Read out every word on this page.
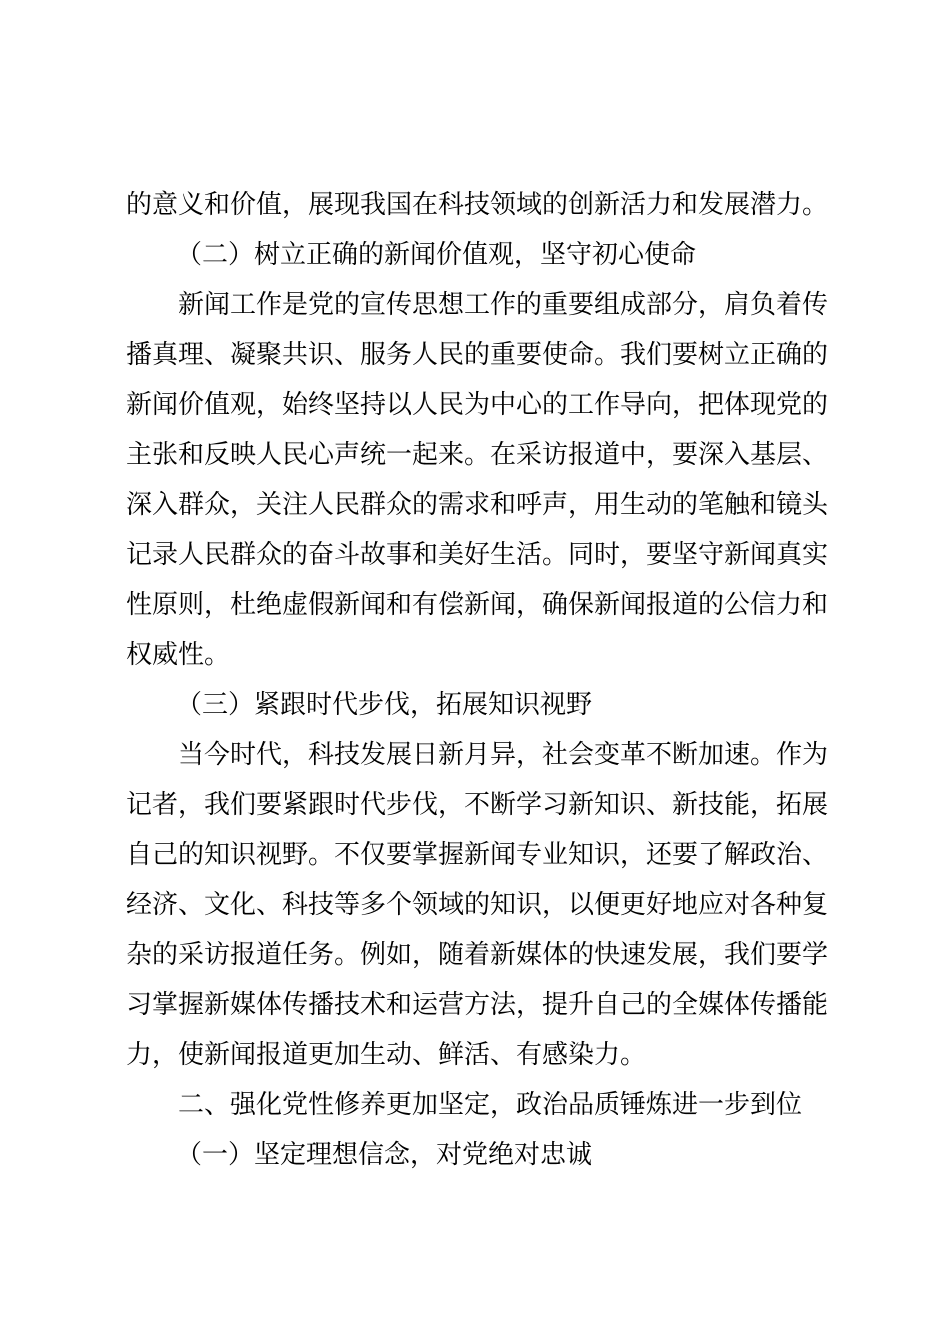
的意义和价值，展现我国在科技领域的创新活力和发展潜力。
（二）树立正确的新闻价值观，坚守初心使命
新闻工作是党的宣传思想工作的重要组成部分，肩负着传
播真理、凝聚共识、服务人民的重要使命。我们要树立正确的
新闻价值观，始终坚持以人民为中心的工作导向，把体现党的
主张和反映人民心声统一起来。在采访报道中，要深入基层、
深入群众，关注人民群众的需求和呼声，用生动的笔触和镜头
记录人民群众的奋斗故事和美好生活。同时，要坚守新闻真实
性原则，杜绝虚假新闻和有偿新闻，确保新闻报道的公信力和
权威性。
（三）紧跟时代步伐，拓展知识视野
当今时代，科技发展日新月异，社会变革不断加速。作为
记者，我们要紧跟时代步伐，不断学习新知识、新技能，拓展
自己的知识视野。不仅要掌握新闻专业知识，还要了解政治、
经济、文化、科技等多个领域的知识，以便更好地应对各种复
杂的采访报道任务。例如，随着新媒体的快速发展，我们要学
习掌握新媒体传播技术和运营方法，提升自己的全媒体传播能
力，使新闻报道更加生动、鲜活、有感染力。
二、强化党性修养更加坚定，政治品质锤炼进一步到位
（一）坚定理想信念，对党绝对忠诚
